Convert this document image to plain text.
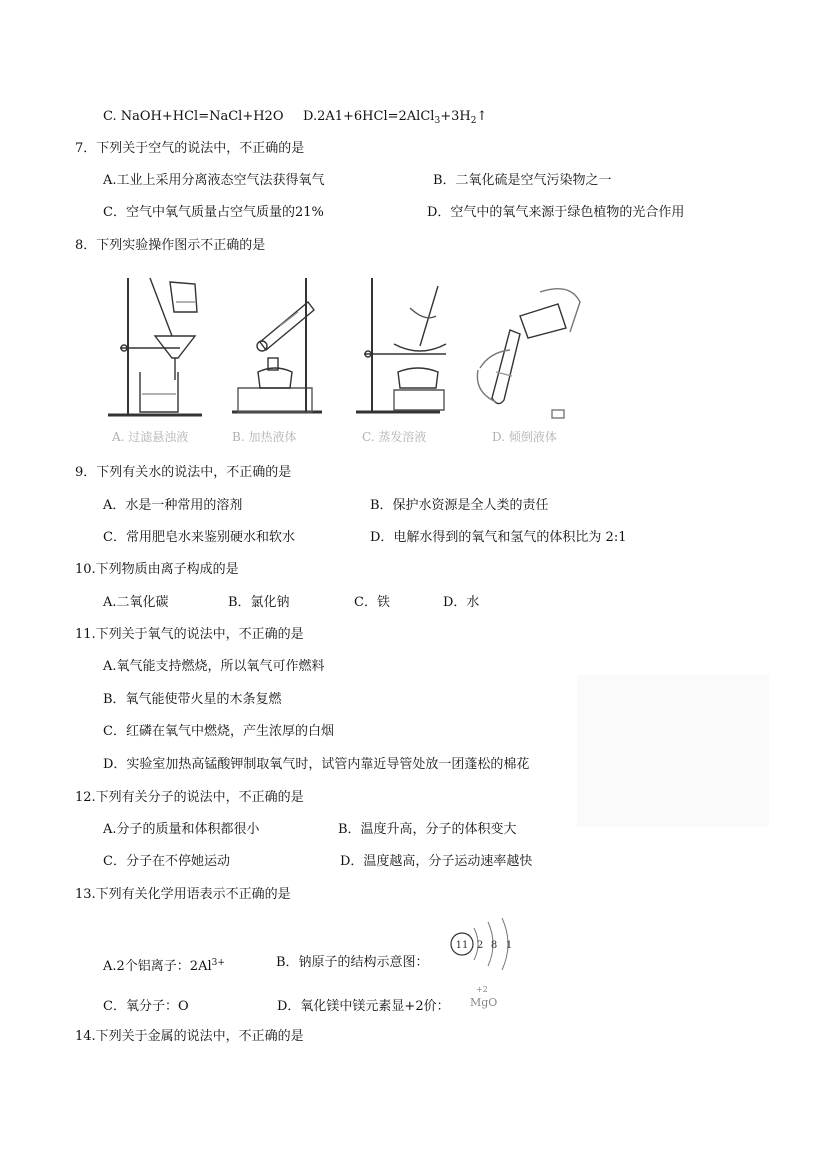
C. NaOH+HCl=NaCl+H2O $D.2A1+6HCl=2AlCl_3+3H_2↑$
7．下列关于空气的说法中，不正确的是
A.工业上采用分离液态空气法获得氧气	B．二氧化硫是空气污染物之一
C．空气中氧气质量占空气质量的21%	D．空气中的氧气来源于绿色植物的光合作用
8．下列实验操作图示不正确的是
A. 过滤悬浊液	B. 加热液体	C. 蒸发溶液	D. 倾倒液体
9．下列有关水的说法中，不正确的是
A．水是一种常用的溶剂	B．保护水资源是全人类的责任
C．常用肥皂水来鉴别硬水和软水	D．电解水得到的氧气和氢气的体积比为 2:1
10.下列物质由离子构成的是
A.二氧化碳	B．氯化钠	C．铁	D．水
11.下列关于氧气的说法中，不正确的是
A.氧气能支持燃烧，所以氧气可作燃料
B．氧气能使带火星的木条复燃
C．红磷在氧气中燃烧，产生浓厚的白烟
D．实验室加热高锰酸钾制取氧气时，试管内靠近导管处放一团蓬松的棉花
12.下列有关分子的说法中，不正确的是
A.分子的质量和体积都很小	B．温度升高，分子的体积变大
C．分子在不停她运动	D．温度越高，分子运动速率越快
13.下列有关化学用语表示不正确的是
A.2个铝离子：$2Al^{3+}$	B．钠原子的结构示意图：
11 2 8 1
C．氧分子：O	D．氧化镁中镁元素显+2价：
+2
MgO
14.下列关于金属的说法中，不正确的是
